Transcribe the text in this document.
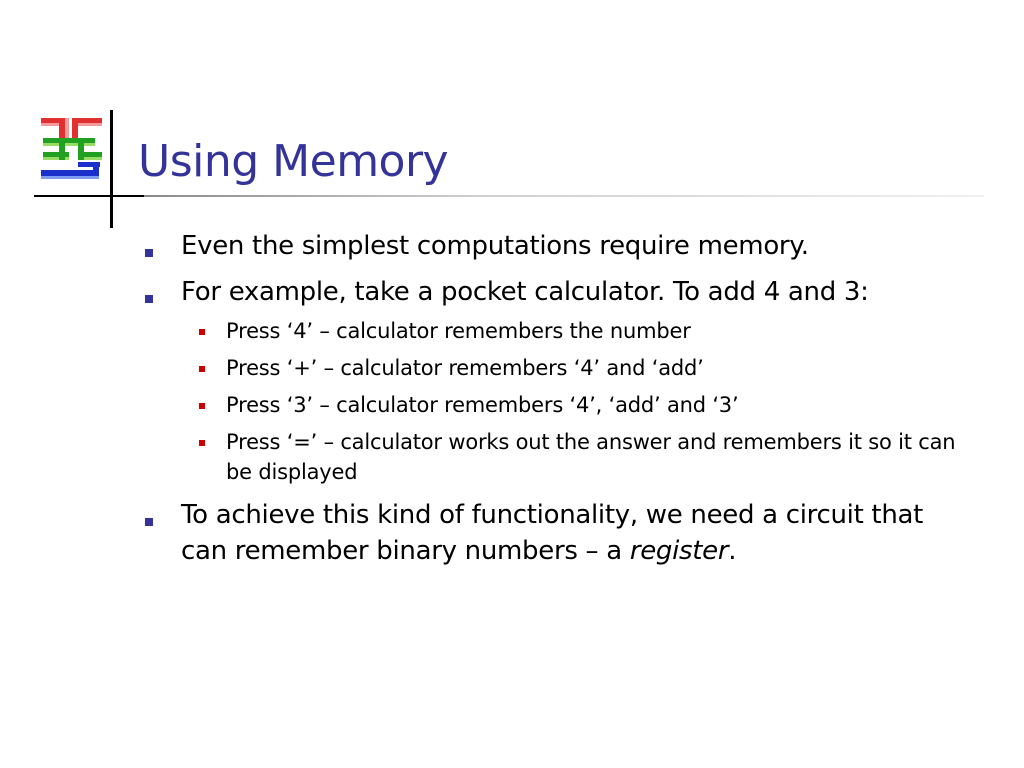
Using Memory
Even the simplest computations require memory.
For example, take a pocket calculator. To add 4 and 3:
Press ‘4’ – calculator remembers the number
Press ‘+’ – calculator remembers ‘4’ and ‘add’
Press ‘3’ – calculator remembers ‘4’, ‘add’ and ‘3’
Press ‘=’ – calculator works out the answer and remembers it so it can be displayed
To achieve this kind of functionality, we need a circuit that can remember binary numbers – a register.
